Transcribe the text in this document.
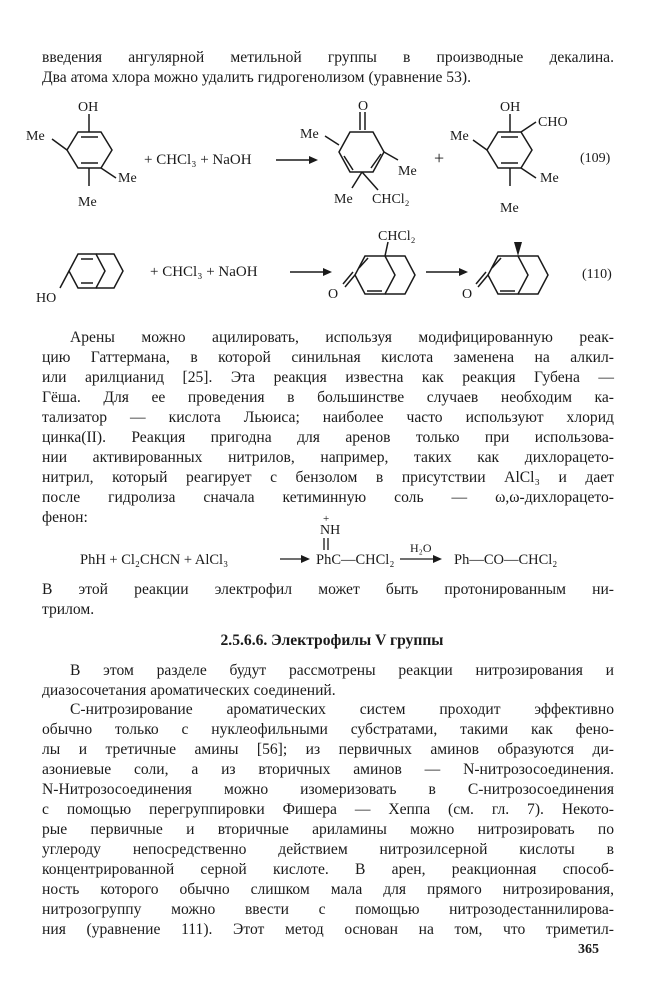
введения ангулярной метильной группы в производные декалина.
Два атома хлора можно удалить гидрогенолизом (уравнение 53).
OH
Me
Me
Me
+ CHCl₃ + NaOH
O
Me
Me
Me CHCl₂
+
OH
CHO
Me
Me
Me
(109)
HO
+ CHCl₃ + NaOH
CHCl₂
O	O
(110)
Арены можно ацилировать, используя модифицированную реак-
цию Гаттермана, в которой синильная кислота заменена на алкил-
или арилцианид [25]. Эта реакция известна как реакция Губена —
Гёша. Для ее проведения в большинстве случаев необходим ка-
тализатор — кислота Льюиса; наиболее часто используют хлорид
цинка(II). Реакция пригодна для аренов только при использова-
нии активированных нитрилов, например, таких как дихлорацето-
нитрил, который реагирует с бензолом в присутствии AlCl₃ и дает
после гидролиза сначала кетиминную соль — ω,ω-дихлорацето-
фенон:
PhH + Cl₂CHCN + AlCl₃
+
NH
PhC—CHCl₂
H₂O
Ph—CO—CHCl₂
В этой реакции электрофил может быть протонированным ни-
трилом.
2.5.6.6. Электрофилы V группы
В этом разделе будут рассмотрены реакции нитрозирования и
диазосочетания ароматических соединений.
С-нитрозирование ароматических систем проходит эффективно
обычно только с нуклеофильными субстратами, такими как фено-
лы и третичные амины [56]; из первичных аминов образуются ди-
азониевые соли, а из вторичных аминов — N-нитрозосоединения.
N-Нитрозосоединения можно изомеризовать в С-нитрозосоединения
с помощью перегруппировки Фишера — Хеппа (см. гл. 7). Некото-
рые первичные и вторичные ариламины можно нитрозировать по
углероду непосредственно действием нитрозилсерной кислоты в
концентрированной серной кислоте. В арен, реакционная способ-
ность которого обычно слишком мала для прямого нитрозирования,
нитрозогруппу можно ввести с помощью нитрозодестаннилирова-
ния (уравнение 111). Этот метод основан на том, что триметил-
365
